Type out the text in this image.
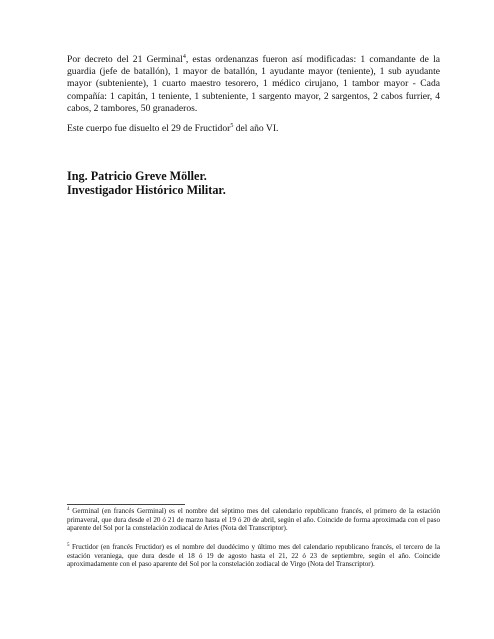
Por decreto del 21 Germinal$^4$, estas ordenanzas fueron así modificadas: 1 comandante de la guardia (jefe de batallón), 1 mayor de batallón, 1 ayudante mayor (teniente), 1 sub ayudante mayor (subteniente), 1 cuarto maestro tesorero, 1 médico cirujano, 1 tambor mayor - Cada compañía: 1 capitán, 1 teniente, 1 subteniente, 1 sargento mayor, 2 sargentos, 2 cabos furrier, 4 cabos, 2 tambores, 50 granaderos.

Este cuerpo fue disuelto el 29 de Fructidor$^5$ del año VI.

Ing. Patricio Greve Möller.

Investigador Histórico Militar.

$^4$ Germinal (en francés Germinal) es el nombre del séptimo mes del calendario republicano francés, el primero de la estación primaveral, que dura desde el 20 ó 21 de marzo hasta el 19 ó 20 de abril, según el año. Coincide de forma aproximada con el paso aparente del Sol por la constelación zodiacal de Aries (Nota del Transcriptor).

$^5$ Fructidor (en francés Fructidor) es el nombre del duodécimo y último mes del calendario republicano francés, el tercero de la estación veraniega, que dura desde el 18 ó 19 de agosto hasta el 21, 22 ó 23 de septiembre, según el año. Coincide aproximadamente con el paso aparente del Sol por la constelación zodiacal de Virgo (Nota del Transcriptor).
